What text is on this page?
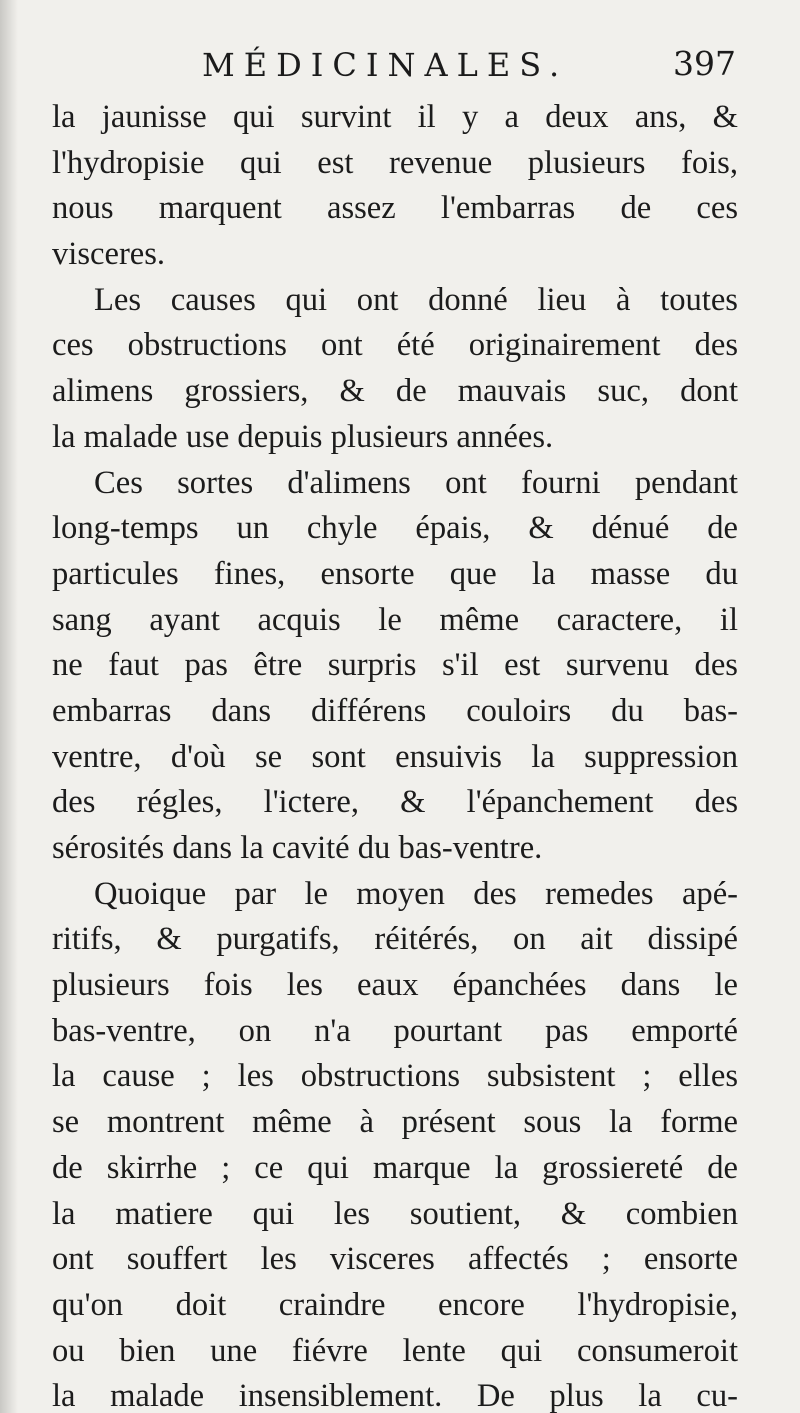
MÉDICINALES.	397
la jaunisse qui survint il y a deux ans, &
l'hydropisie qui est revenue plusieurs fois,
nous marquent assez l'embarras de ces
visceres.
Les causes qui ont donné lieu à toutes
ces obstructions ont été originairement des
alimens grossiers, & de mauvais suc, dont
la malade use depuis plusieurs années.
Ces sortes d'alimens ont fourni pendant
long-temps un chyle épais, & dénué de
particules fines, ensorte que la masse du
sang ayant acquis le même caractere, il
ne faut pas être surpris s'il est survenu des
embarras dans différens couloirs du bas-
ventre, d'où se sont ensuivis la suppression
des régles, l'ictere, & l'épanchement des
sérosités dans la cavité du bas-ventre.
Quoique par le moyen des remedes apé-
ritifs, & purgatifs, réitérés, on ait dissipé
plusieurs fois les eaux épanchées dans le
bas-ventre, on n'a pourtant pas emporté
la cause ; les obstructions subsistent ; elles
se montrent même à présent sous la forme
de skirrhe ; ce qui marque la grossiereté de
la matiere qui les soutient, & combien
ont souffert les visceres affectés ; ensorte
qu'on doit craindre encore l'hydropisie,
ou bien une fiévre lente qui consumeroit
la malade insensiblement. De plus la cu-
